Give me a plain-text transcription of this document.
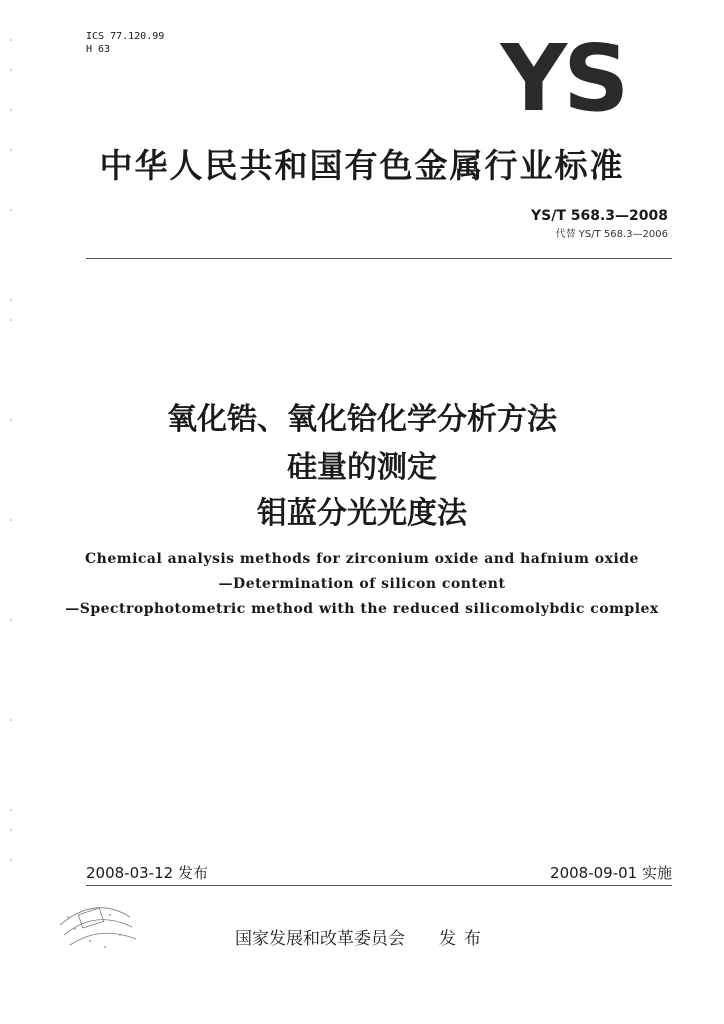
ICS 77.120.99
H 63	YS
中华人民共和国有色金属行业标准
YS/T 568.3—2008
代替 YS/T 568.3—2006
氧化锆、氧化铪化学分析方法
硅量的测定
钼蓝分光光度法
Chemical analysis methods for zirconium oxide and hafnium oxide
—Determination of silicon content
—Spectrophotometric method with the reduced silicomolybdic complex
2008-03-12 发布	2008-09-01 实施
国家发展和改革委员会 发布
